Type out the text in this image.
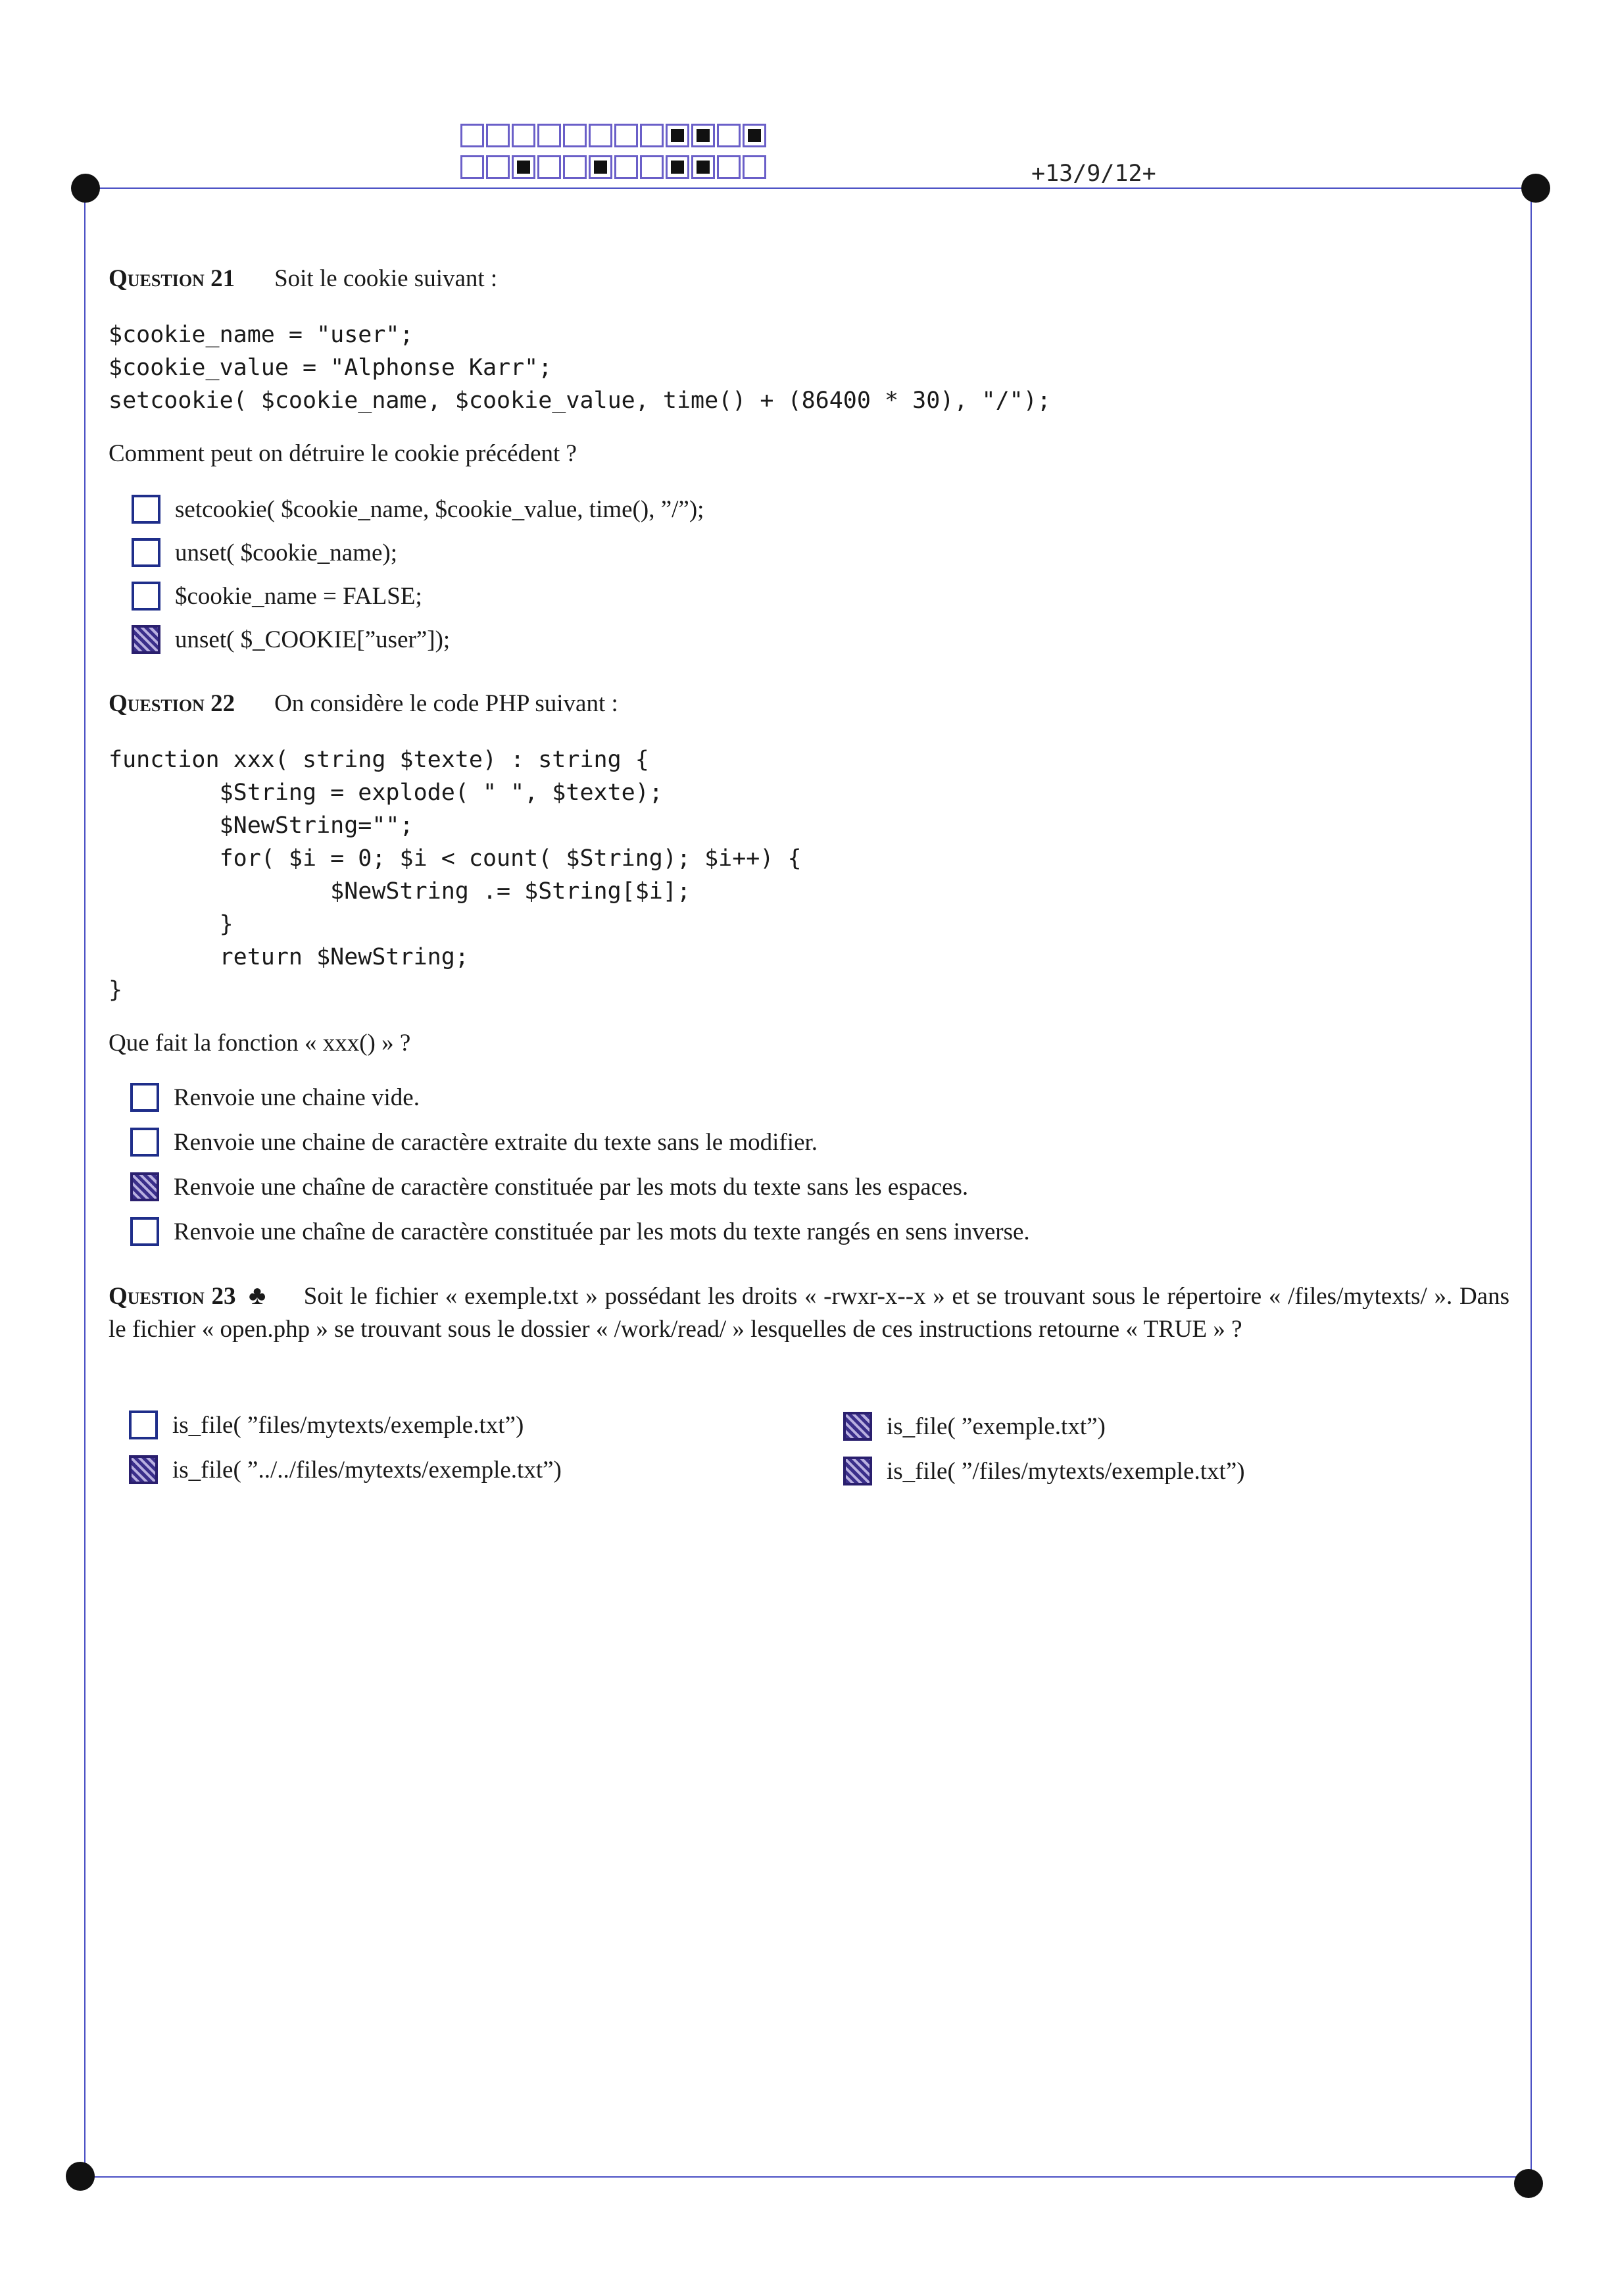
+13/9/12+
Question 21 Soit le cookie suivant :
$cookie_name = "user";
$cookie_value = "Alphonse Karr";
setcookie( $cookie_name, $cookie_value, time() + (86400 * 30), "/");
Comment peut on détruire le cookie précédent ?
setcookie( $cookie_name, $cookie_value, time(), ”/”);
unset( $cookie_name);
$cookie_name = FALSE;
unset( $_COOKIE[”user”]);
Question 22 On considère le code PHP suivant :
function xxx( string $texte) : string {
$String = explode( " ", $texte);
$NewString="";
for( $i = 0; $i < count( $String); $i++) {
$NewString .= $String[$i];
}
return $NewString;
}
Que fait la fonction « xxx() » ?
Renvoie une chaine vide.
Renvoie une chaine de caractère extraite du texte sans le modifier.
Renvoie une chaîne de caractère constituée par les mots du texte sans les espaces.
Renvoie une chaîne de caractère constituée par les mots du texte rangés en sens inverse.
Question 23 ♣ Soit le fichier « exemple.txt » possédant les droits « -rwxr-x--x » et se trouvant sous le répertoire « /files/mytexts/ ». Dans le fichier « open.php » se trouvant sous le dossier « /work/read/ » lesquelles de ces instructions retourne « TRUE » ?
is_file( ”files/mytexts/exemple.txt”)	is_file( ”exemple.txt”)
is_file( ”../../files/mytexts/exemple.txt”)	is_file( ”/files/mytexts/exemple.txt”)
